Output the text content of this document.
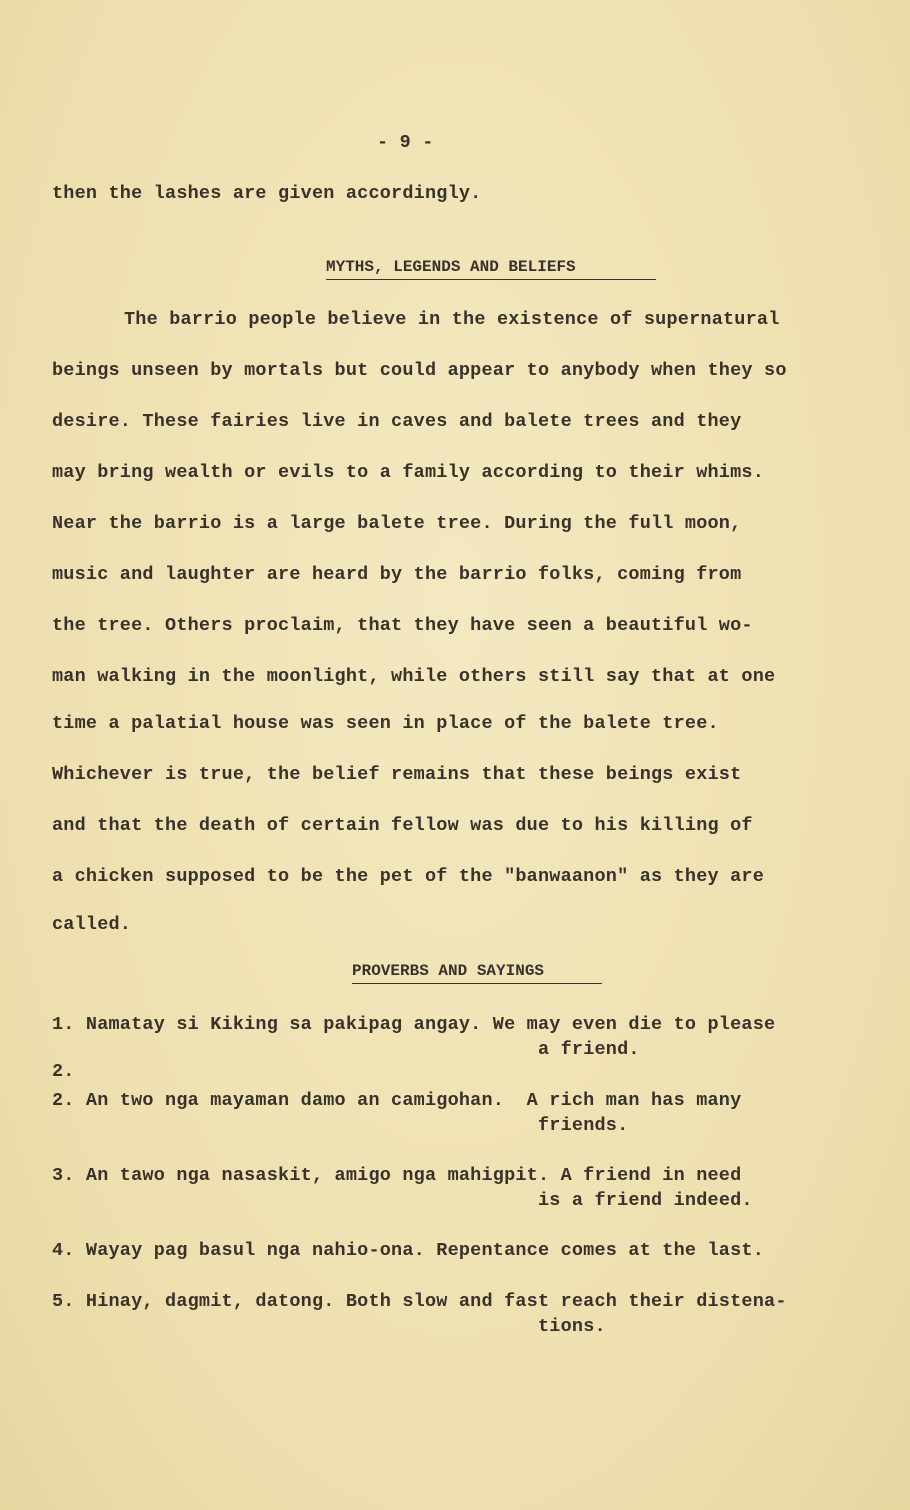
- 9 -
then the lashes are given accordingly.
MYTHS, LEGENDS AND BELIEFS
The barrio people believe in the existence of supernatural
beings unseen by mortals but could appear to anybody when they so
desire. These fairies live in caves and balete trees and they
may bring wealth or evils to a family according to their whims.
Near the barrio is a large balete tree. During the full moon,
music and laughter are heard by the barrio folks, coming from
the tree. Others proclaim, that they have seen a beautiful wo-
man walking in the moonlight, while others still say that at one
time a palatial house was seen in place of the balete tree.
Whichever is true, the belief remains that these beings exist
and that the death of certain fellow was due to his killing of
a chicken supposed to be the pet of the "banwaanon" as they are
called.
PROVERBS AND SAYINGS
1. Namatay si Kiking sa pakipag angay. We may even die to please
a friend.
2.
2. An two nga mayaman damo an camigohan.  A rich man has many
friends.
3. An tawo nga nasaskit, amigo nga mahigpit. A friend in need
is a friend indeed.
4. Wayay pag basul nga nahio-ona. Repentance comes at the last.
5. Hinay, dagmit, datong. Both slow and fast reach their distena-
tions.
